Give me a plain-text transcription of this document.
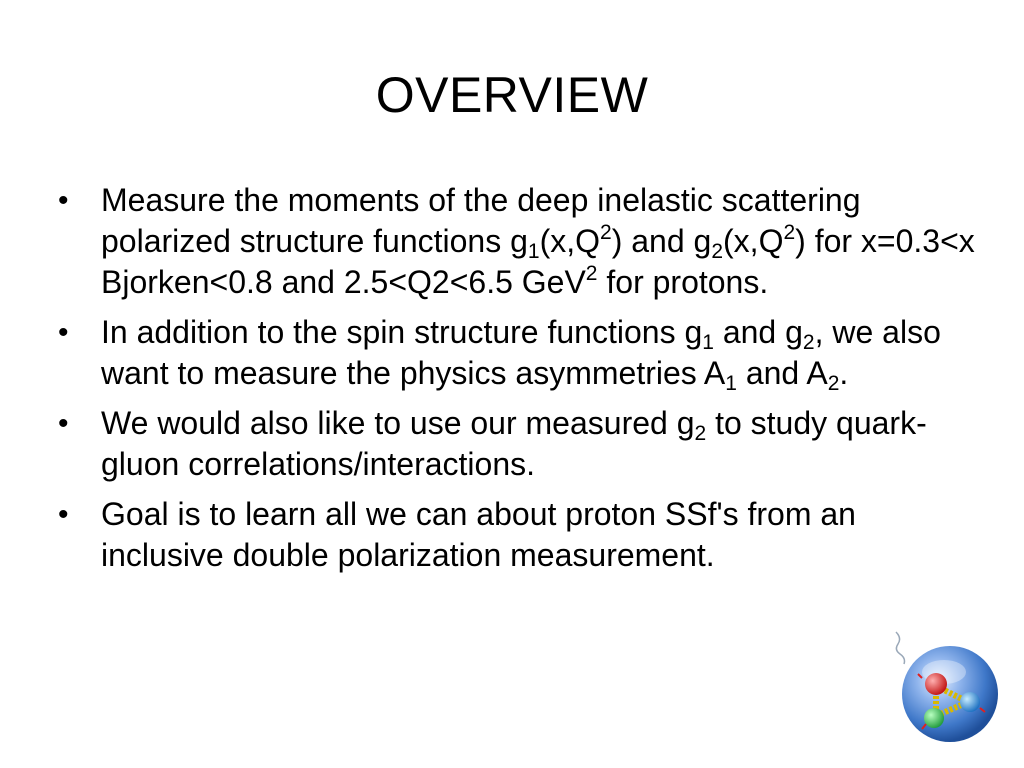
OVERVIEW
• Measure the moments of the deep inelastic scattering polarized structure functions $g_1(x,Q^2)$ and $g_2(x,Q^2)$ for x=0.3<x Bjorken<0.8 and 2.5<Q2<6.5 GeV$^2$ for protons.
• In addition to the spin structure functions $g_1$ and $g_2$, we also want to measure the physics asymmetries $A_1$ and $A_2$.
• We would also like to use our measured $g_2$ to study quark-gluon correlations/interactions.
• Goal is to learn all we can about proton SSf's from an inclusive double polarization measurement.
